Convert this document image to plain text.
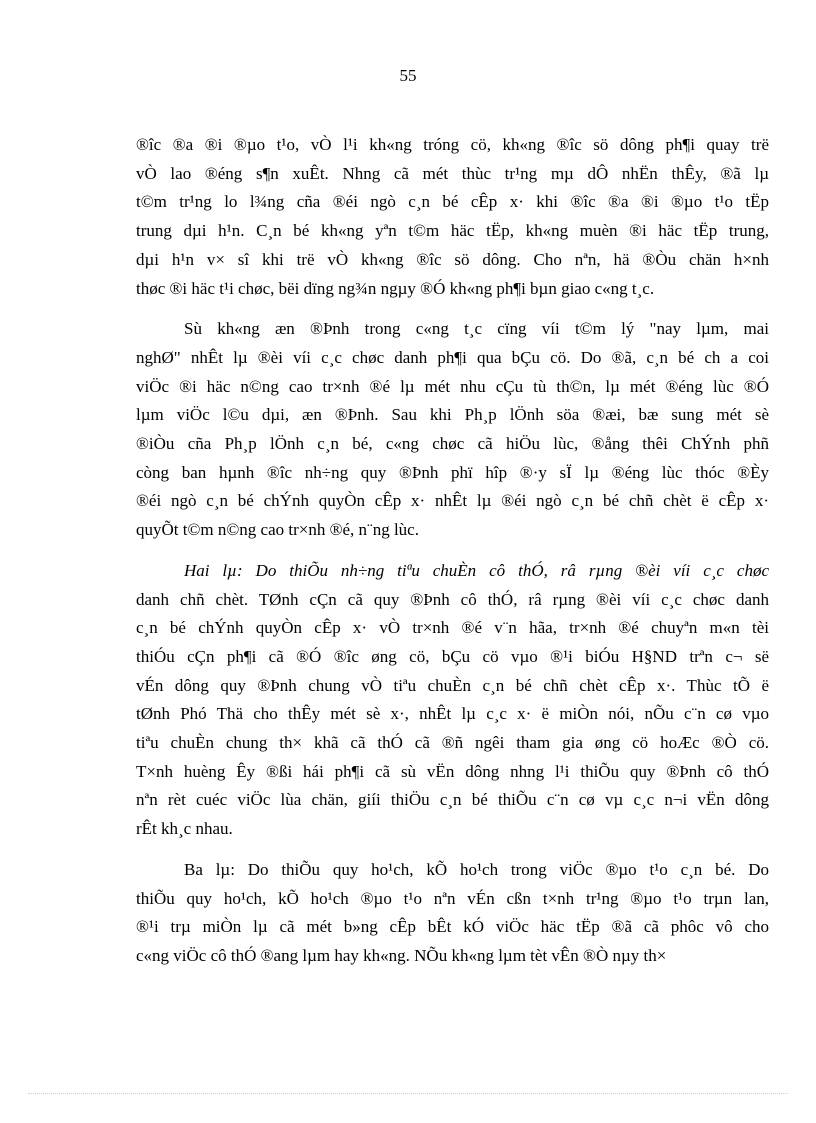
55

®îc ®a ®i ®µo t¹o, vÒ l¹i kh«ng tróng cö, kh«ng ®îc sö dông ph¶i quay trë
vÒ lao ®éng s¶n xuÊt. Nhng cã mét thùc tr¹ng mµ dÔ nhËn thÊy, ®ã lµ
t©m tr¹ng lo l¾ng cña ®éi ngò c¸n bé cÊp x· khi ®îc ®a ®i ®µo t¹o tËp
trung dµi h¹n. C¸n bé kh«ng yªn t©m häc tËp, kh«ng muèn ®i häc tËp trung,
dµi h¹n v× sî khi trë vÒ kh«ng ®îc sö dông. Cho nªn, hä ®Òu chän h×nh
thøc ®i häc t¹i chøc, bëi dïng ng¾n ngµy ®Ó kh«ng ph¶i bµn giao c«ng t¸c.

Sù kh«ng æn ®Þnh trong c«ng t¸c cïng víi t©m lý "nay lµm, mai
nghØ" nhÊt lµ ®èi víi c¸c chøc danh ph¶i qua bÇu cö. Do ®ã, c¸n bé ch a coi
viÖc ®i häc n©ng cao tr×nh ®é lµ mét nhu cÇu tù th©n, lµ mét ®éng lùc ®Ó
lµm viÖc l©u dµi, æn ®Þnh. Sau khi Ph¸p lÖnh söa ®æi, bæ sung mét sè
®iÒu cña Ph¸p lÖnh c¸n bé, c«ng chøc cã hiÖu lùc, ®ång thêi ChÝnh phñ
còng ban hµnh ®îc nh÷ng quy ®Þnh phï hîp ®·y sÏ lµ ®éng lùc thóc ®Èy
®éi ngò c¸n bé chÝnh quyÒn cÊp x· nhÊt lµ ®éi ngò c¸n bé chñ chèt ë cÊp x·
quyÕt t©m n©ng cao tr×nh ®é, n¨ng lùc.

Hai lµ: Do thiÕu nh÷ng tiªu chuÈn cô thÓ, râ rµng ®èi víi c¸c chøc
danh chñ chèt. TØnh cÇn cã quy ®Þnh cô thÓ, râ rµng ®èi víi c¸c chøc danh
c¸n bé chÝnh quyÒn cÊp x· vÒ tr×nh ®é v¨n hãa, tr×nh ®é chuyªn m«n tèi
thiÓu cÇn ph¶i cã ®Ó ®îc øng cö, bÇu cö vµo ®¹i biÓu H§ND trªn c¬ së
vÉn dông quy ®Þnh chung vÒ tiªu chuÈn c¸n bé chñ chèt cÊp x·. Thùc tÕ ë
tØnh Phó Thä cho thÊy mét sè x·, nhÊt lµ c¸c x· ë miÒn nói, nÕu c¨n cø vµo
tiªu chuÈn chung th× khã cã thÓ cã ®ñ ngêi tham gia øng cö hoÆc ®Ò cö.
T×nh huèng Êy ®ßi hái ph¶i cã sù vËn dông nhng l¹i thiÕu quy ®Þnh cô thÓ
nªn rèt cuéc viÖc lùa chän, giíi thiÖu c¸n bé thiÕu c¨n cø vµ c¸c n¬i vËn dông
rÊt kh¸c nhau.

Ba lµ: Do thiÕu quy ho¹ch, kÕ ho¹ch trong viÖc ®µo t¹o c¸n bé. Do
thiÕu quy ho¹ch, kÕ ho¹ch ®µo t¹o nªn vÉn cßn t×nh tr¹ng ®µo t¹o trµn lan,
®¹i trµ miÒn lµ cã mét b»ng cÊp bÊt kÓ viÖc häc tËp ®ã cã phôc vô cho
c«ng viÖc cô thÓ ®ang lµm hay kh«ng. NÕu kh«ng lµm tèt vÊn ®Ò nµy th×
